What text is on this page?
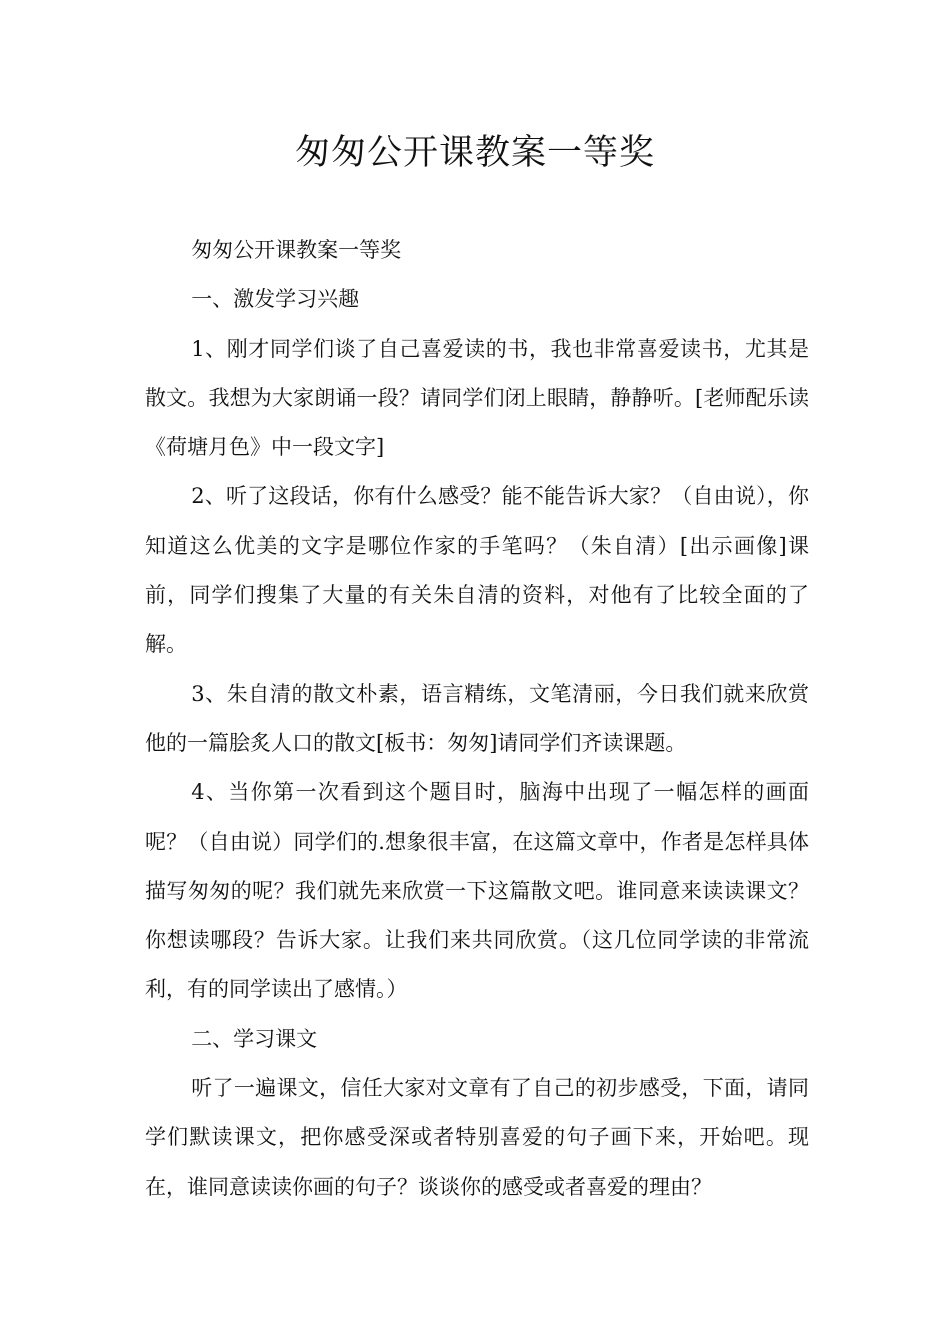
匆匆公开课教案一等奖

匆匆公开课教案一等奖

一、激发学习兴趣

1、刚才同学们谈了自己喜爱读的书，我也非常喜爱读书，尤其是散文。我想为大家朗诵一段？请同学们闭上眼睛，静静听。[老师配乐读《荷塘月色》中一段文字]

2、听了这段话，你有什么感受？能不能告诉大家？（自由说），你知道这么优美的文字是哪位作家的手笔吗？（朱自清）[出示画像]课前，同学们搜集了大量的有关朱自清的资料，对他有了比较全面的了解。

3、朱自清的散文朴素，语言精练，文笔清丽，今日我们就来欣赏他的一篇脍炙人口的散文[板书：匆匆]请同学们齐读课题。

4、当你第一次看到这个题目时，脑海中出现了一幅怎样的画面呢？（自由说）同学们的.想象很丰富，在这篇文章中，作者是怎样具体描写匆匆的呢？我们就先来欣赏一下这篇散文吧。谁同意来读读课文？你想读哪段？告诉大家。让我们来共同欣赏。（这几位同学读的非常流利，有的同学读出了感情。）

二、学习课文

听了一遍课文，信任大家对文章有了自己的初步感受，下面，请同学们默读课文，把你感受深或者特别喜爱的句子画下来，开始吧。现在，谁同意读读你画的句子？谈谈你的感受或者喜爱的理由？
